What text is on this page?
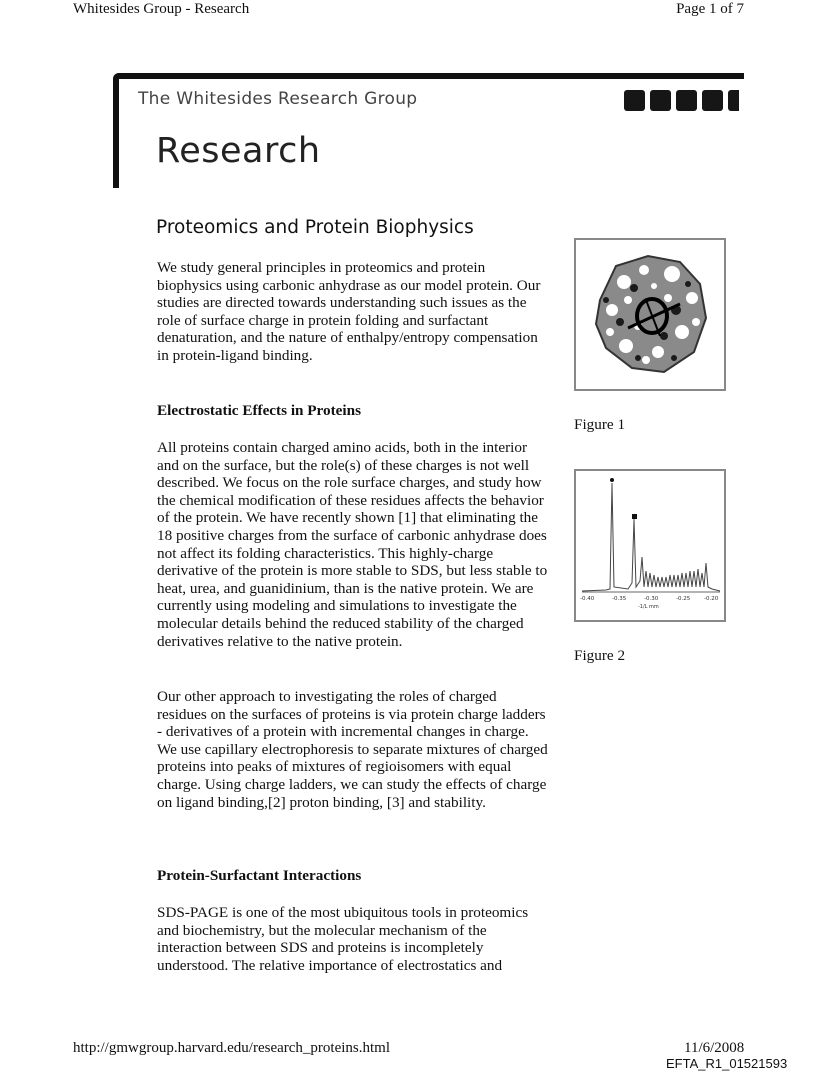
Whitesides Group - Research	Page 1 of 7
The Whitesides Research Group
Research
Proteomics and Protein Biophysics

We study general principles in proteomics and protein biophysics using carbonic anhydrase as our model protein. Our studies are directed towards understanding such issues as the role of surface charge in protein folding and surfactant denaturation, and the nature of enthalpy/entropy compensation in protein-ligand binding.

Electrostatic Effects in Proteins

All proteins contain charged amino acids, both in the interior and on the surface, but the role(s) of these charges is not well described. We focus on the role surface charges, and study how the chemical modification of these residues affects the behavior of the protein. We have recently shown [1] that eliminating the 18 positive charges from the surface of carbonic anhydrase does not affect its folding characteristics. This highly-charge derivative of the protein is more stable to SDS, but less stable to heat, urea, and guanidinium, than is the native protein. We are currently using modeling and simulations to investigate the molecular details behind the reduced stability of the charged derivatives relative to the native protein.

Our other approach to investigating the roles of charged residues on the surfaces of proteins is via protein charge ladders - derivatives of a protein with incremental changes in charge. We use capillary electrophoresis to separate mixtures of charged proteins into peaks of mixtures of regioisomers with equal charge. Using charge ladders, we can study the effects of charge on ligand binding,[2] proton binding, [3] and stability.

Protein-Surfactant Interactions

SDS-PAGE is one of the most ubiquitous tools in proteomics and biochemistry, but the molecular mechanism of the interaction between SDS and proteins is incompletely understood. The relative importance of electrostatics and

Figure 1
-0.40	-0.35	-0.30	-0.25	-0.20
-1/L mm
Figure 2
http://gmwgroup.harvard.edu/research_proteins.html	11/6/2008
EFTA_R1_01521593
